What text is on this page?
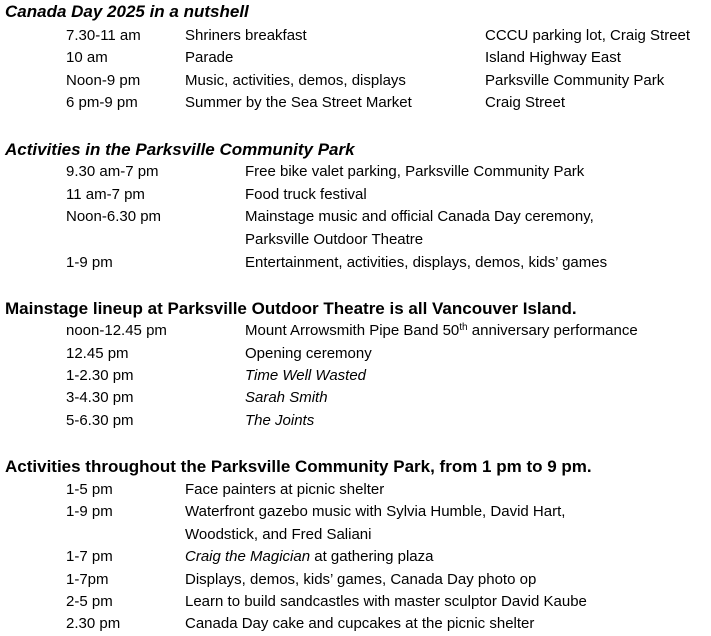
Canada Day 2025 in a nutshell
7.30-11 am	Shriners breakfast	CCCU parking lot, Craig Street
10 am	Parade	Island Highway East
Noon-9 pm	Music, activities, demos, displays	Parksville Community Park
6 pm-9 pm	Summer by the Sea Street Market	Craig Street
Activities in the Parksville Community Park
9.30 am-7 pm	Free bike valet parking, Parksville Community Park
11 am-7 pm	Food truck festival
Noon-6.30 pm	Mainstage music and official Canada Day ceremony,
Parksville Outdoor Theatre
1-9 pm	Entertainment, activities, displays, demos, kids’ games
Mainstage lineup at Parksville Outdoor Theatre is all Vancouver Island.
noon-12.45 pm	Mount Arrowsmith Pipe Band 50th anniversary performance
12.45 pm	Opening ceremony
1-2.30 pm	Time Well Wasted
3-4.30 pm	Sarah Smith
5-6.30 pm	The Joints
Activities throughout the Parksville Community Park, from 1 pm to 9 pm.
1-5 pm	Face painters at picnic shelter
1-9 pm	Waterfront gazebo music with Sylvia Humble, David Hart,
Woodstick, and Fred Saliani
1-7 pm	Craig the Magician at gathering plaza
1-7pm	Displays, demos, kids’ games, Canada Day photo op
2-5 pm	Learn to build sandcastles with master sculptor David Kaube
2.30 pm	Canada Day cake and cupcakes at the picnic shelter
